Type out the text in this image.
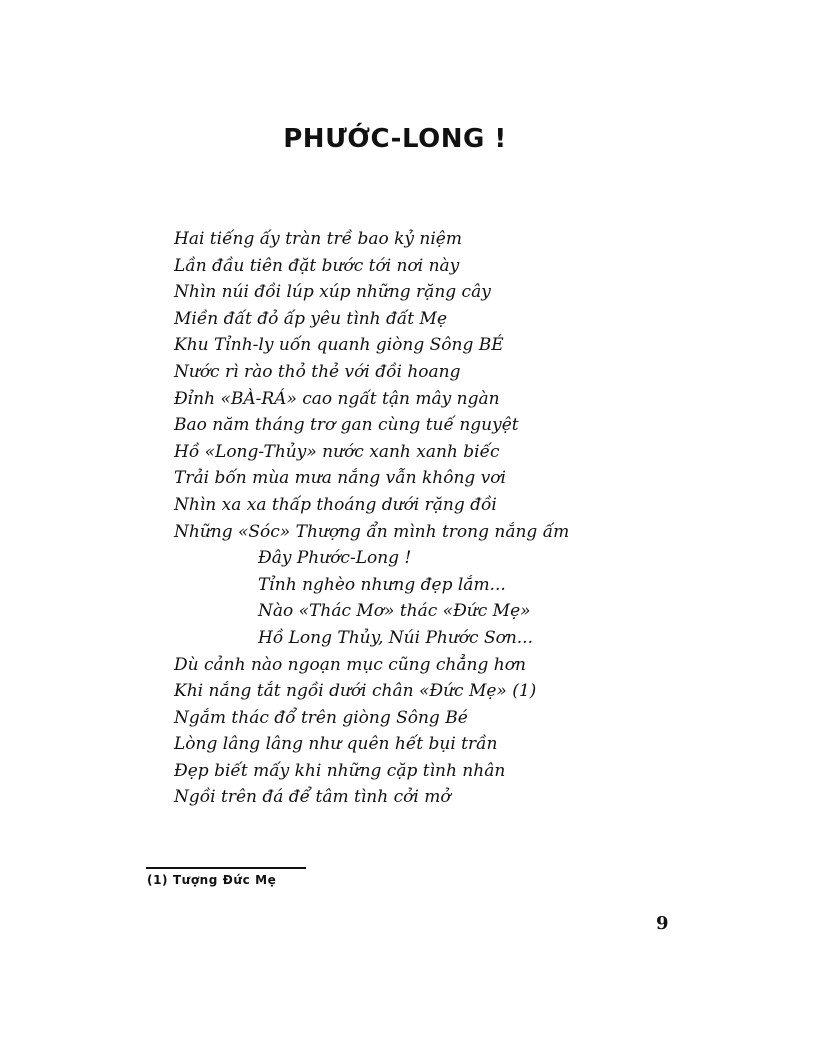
PHƯỚC-LONG !
Hai tiếng ấy tràn trề bao kỷ niệm
Lần đầu tiên đặt bước tới nơi này
Nhìn núi đồi lúp xúp những rặng cây
Miền đất đỏ ấp yêu tình đất Mẹ
Khu Tỉnh-ly uốn quanh giòng Sông BÉ
Nước rì rào thỏ thẻ với đồi hoang
Đỉnh «BÀ-RÁ» cao ngất tận mây ngàn
Bao năm tháng trơ gan cùng tuế nguyệt
Hồ «Long-Thủy» nước xanh xanh biếc
Trải bốn mùa mưa nắng vẫn không vơi
Nhìn xa xa thấp thoáng dưới rặng đồi
Những «Sóc» Thượng ẩn mình trong nắng ấm
Đây Phước-Long !
Tỉnh nghèo nhưng đẹp lắm...
Nào «Thác Mơ» thác «Đức Mẹ»
Hồ Long Thủy, Núi Phước Sơn...
Dù cảnh nào ngoạn mục cũng chẳng hơn
Khi nắng tắt ngồi dưới chân «Đức Mẹ» (1)
Ngắm thác đổ trên giòng Sông Bé
Lòng lâng lâng như quên hết bụi trần
Đẹp biết mấy khi những cặp tình nhân
Ngồi trên đá để tâm tình cởi mở
(1) Tượng Đức Mẹ
9
